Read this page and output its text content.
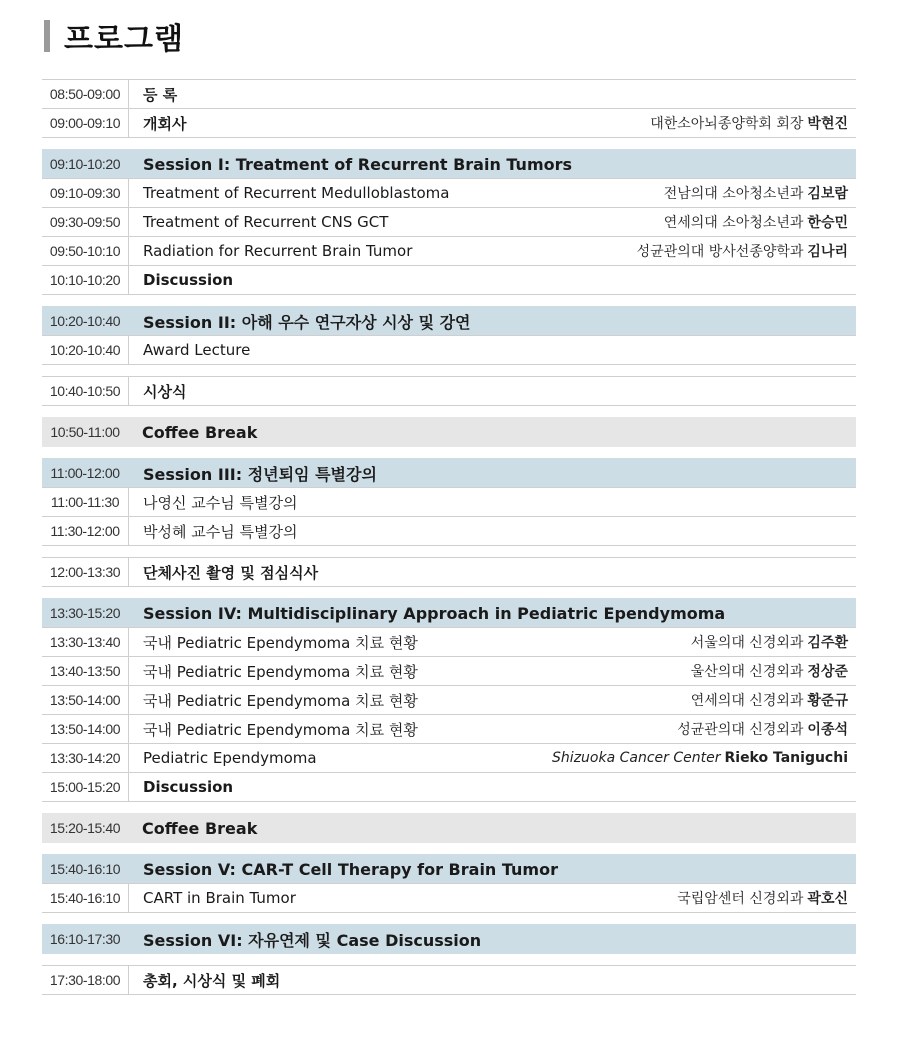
프로그램
08:50-09:00	등 록
09:00-09:10	개회사	대한소아뇌종양학회 회장 박현진
09:10-10:20	Session I: Treatment of Recurrent Brain Tumors
09:10-09:30	Treatment of Recurrent Medulloblastoma	전남의대 소아청소년과 김보람
09:30-09:50	Treatment of Recurrent CNS GCT	연세의대 소아청소년과 한승민
09:50-10:10	Radiation for Recurrent Brain Tumor	성균관의대 방사선종양학과 김나리
10:10-10:20	Discussion
10:20-10:40	Session II: 아해 우수 연구자상 시상 및 강연
10:20-10:40	Award Lecture
10:40-10:50	시상식
10:50-11:00	Coffee Break
11:00-12:00	Session III: 정년퇴임 특별강의
11:00-11:30	나영신 교수님 특별강의
11:30-12:00	박성혜 교수님 특별강의
12:00-13:30	단체사진 촬영 및 점심식사
13:30-15:20	Session IV: Multidisciplinary Approach in Pediatric Ependymoma
13:30-13:40	국내 Pediatric Ependymoma 치료 현황	서울의대 신경외과 김주환
13:40-13:50	국내 Pediatric Ependymoma 치료 현황	울산의대 신경외과 정상준
13:50-14:00	국내 Pediatric Ependymoma 치료 현황	연세의대 신경외과 황준규
13:50-14:00	국내 Pediatric Ependymoma 치료 현황	성균관의대 신경외과 이종석
13:30-14:20	Pediatric Ependymoma	Shizuoka Cancer Center Rieko Taniguchi
15:00-15:20	Discussion
15:20-15:40	Coffee Break
15:40-16:10	Session V: CAR-T Cell Therapy for Brain Tumor
15:40-16:10	CART in Brain Tumor	국립암센터 신경외과 곽호신
16:10-17:30	Session VI: 자유연제 및 Case Discussion
17:30-18:00	총회, 시상식 및 폐회
